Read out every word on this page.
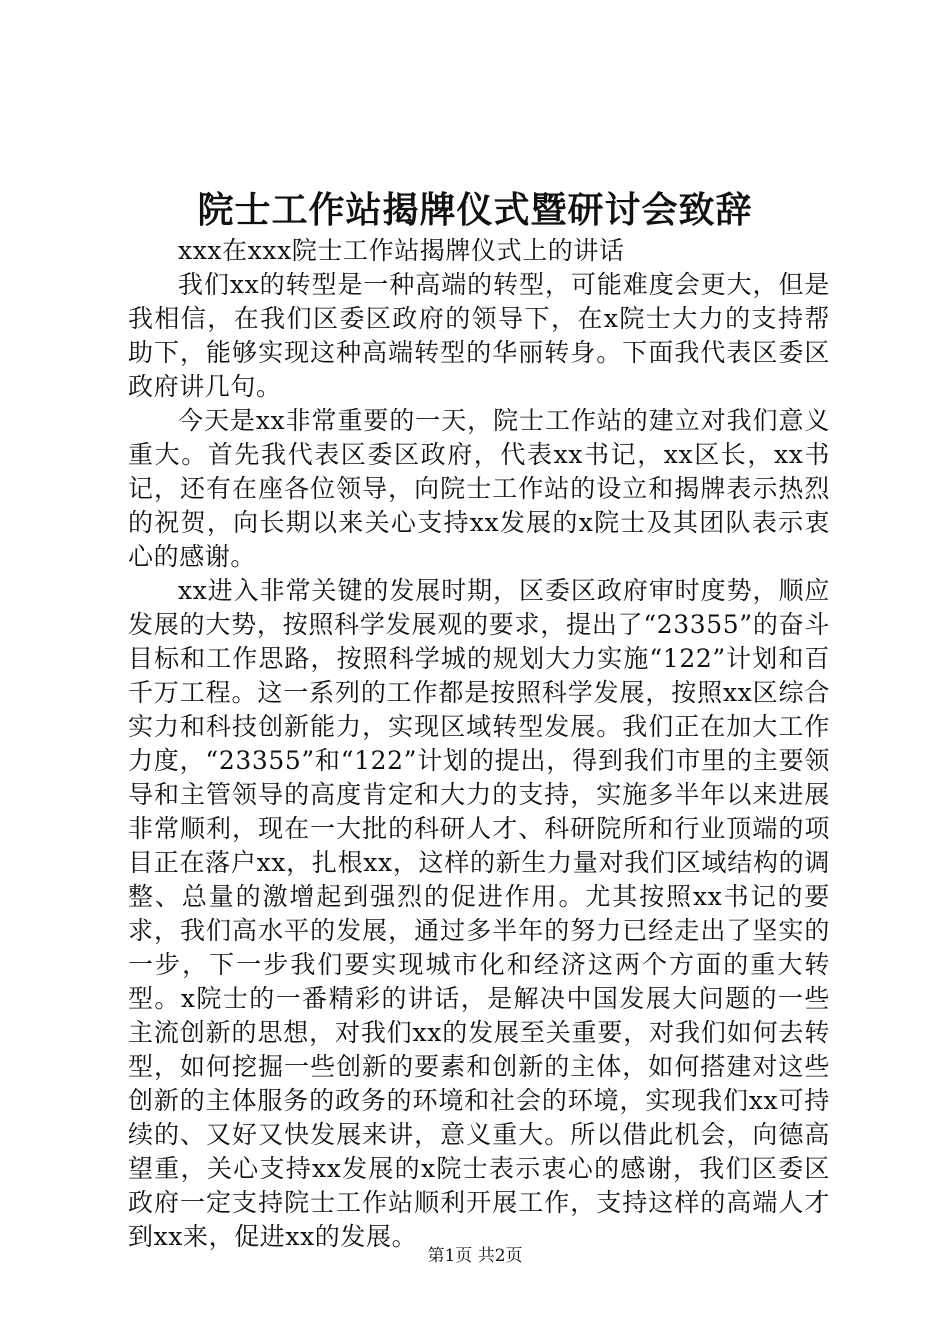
院士工作站揭牌仪式暨研讨会致辞

xxx在xxx院士工作站揭牌仪式上的讲话

我们xx的转型是一种高端的转型，可能难度会更大，但是我相信，在我们区委区政府的领导下，在x院士大力的支持帮助下，能够实现这种高端转型的华丽转身。下面我代表区委区政府讲几句。

今天是xx非常重要的一天，院士工作站的建立对我们意义重大。首先我代表区委区政府，代表xx书记，xx区长，xx书记，还有在座各位领导，向院士工作站的设立和揭牌表示热烈的祝贺，向长期以来关心支持xx发展的x院士及其团队表示衷心的感谢。

xx进入非常关键的发展时期，区委区政府审时度势，顺应发展的大势，按照科学发展观的要求，提出了“23355”的奋斗目标和工作思路，按照科学城的规划大力实施“122”计划和百千万工程。这一系列的工作都是按照科学发展，按照xx区综合实力和科技创新能力，实现区域转型发展。我们正在加大工作力度，“23355”和“122”计划的提出，得到我们市里的主要领导和主管领导的高度肯定和大力的支持，实施多半年以来进展非常顺利，现在一大批的科研人才、科研院所和行业顶端的项目正在落户xx，扎根xx，这样的新生力量对我们区域结构的调整、总量的激增起到强烈的促进作用。尤其按照xx书记的要求，我们高水平的发展，通过多半年的努力已经走出了坚实的一步，下一步我们要实现城市化和经济这两个方面的重大转型。x院士的一番精彩的讲话，是解决中国发展大问题的一些主流创新的思想，对我们xx的发展至关重要，对我们如何去转型，如何挖掘一些创新的要素和创新的主体，如何搭建对这些创新的主体服务的政务的环境和社会的环境，实现我们xx可持续的、又好又快发展来讲，意义重大。所以借此机会，向德高望重，关心支持xx发展的x院士表示衷心的感谢，我们区委区政府一定支持院士工作站顺利开展工作，支持这样的高端人才到xx来，促进xx的发展。

第1页 共2页
